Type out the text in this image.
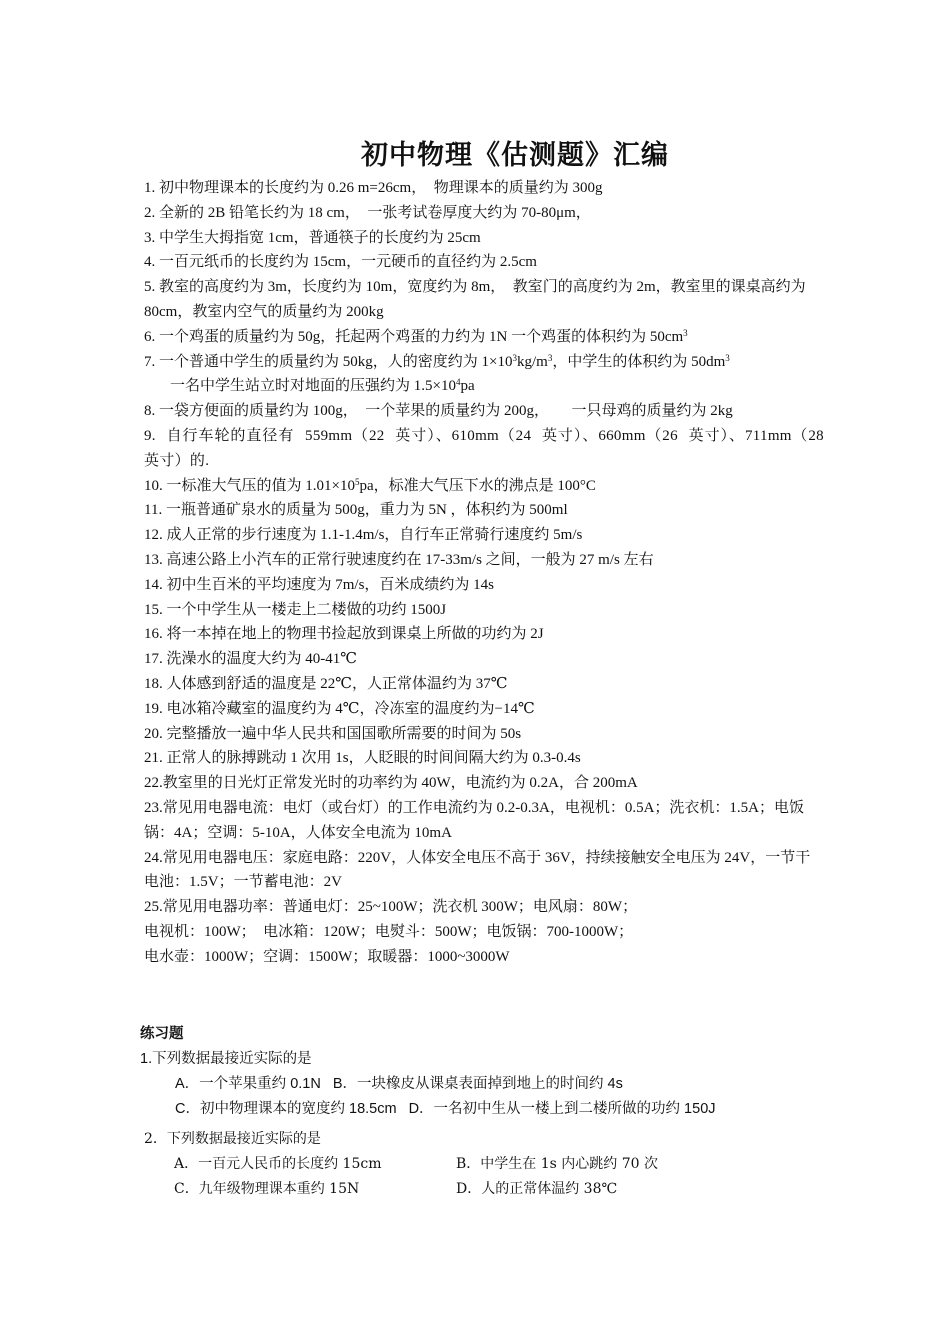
初中物理《估测题》汇编

1. 初中物理课本的长度约为 0.26 m=26cm，　物理课本的质量约为 300g

2. 全新的 2B 铅笔长约为 18 cm，　一张考试卷厚度大约为 70-80μm，

3. 中学生大拇指宽 1cm，普通筷子的长度约为 25cm

4. 一百元纸币的长度约为 15cm，一元硬币的直径约为 2.5cm

5. 教室的高度约为 3m，长度约为 10m，宽度约为 8m，　教室门的高度约为 2m，教室里的课桌高约为 80cm，教室内空气的质量约为 200kg

6. 一个鸡蛋的质量约为 50g，托起两个鸡蛋的力约为 1N 一个鸡蛋的体积约为 $50cm^3$

7. 一个普通中学生的质量约为 50kg，人的密度约为 $1\times 10^3kg/m^3$，中学生的体积约为 $50dm^3$

一名中学生站立时对地面的压强约为 $1.5\times 10^4pa$

8. 一袋方便面的质量约为 100g，　一个苹果的质量约为 200g，　　一只母鸡的质量约为 2kg

9. 自行车轮的直径有 559mm（22 英寸）、610mm（24 英寸）、660mm（26 英寸）、711mm（28 英寸）的.

10. 一标准大气压的值为 $1.01\times 10^5pa$，标准大气压下水的沸点是 100°C

11. 一瓶普通矿泉水的质量为 500g，重力为 5N ，体积约为 500ml

12. 成人正常的步行速度为 1.1-1.4m/s，自行车正常骑行速度约 5m/s

13. 高速公路上小汽车的正常行驶速度约在 17-33m/s 之间，一般为 27 m/s 左右

14. 初中生百米的平均速度为 7m/s，百米成绩约为 14s

15. 一个中学生从一楼走上二楼做的功约 1500J

16. 将一本掉在地上的物理书捡起放到课桌上所做的功约为 2J

17. 洗澡水的温度大约为 40-41℃

18. 人体感到舒适的温度是 22℃，人正常体温约为 37℃

19. 电冰箱冷藏室的温度约为 4℃，冷冻室的温度约为−14℃

20. 完整播放一遍中华人民共和国国歌所需要的时间为 50s

21. 正常人的脉搏跳动 1 次用 1s，人眨眼的时间间隔大约为 0.3-0.4s

22.教室里的日光灯正常发光时的功率约为 40W，电流约为 0.2A，合 200mA

23.常见用电器电流：电灯（或台灯）的工作电流约为 0.2-0.3A，电视机：0.5A；洗衣机：1.5A；电饭锅：4A；空调：5-10A，人体安全电流为 10mA

24.常见用电器电压：家庭电路：220V，人体安全电压不高于 36V，持续接触安全电压为 24V，一节干电池：1.5V；一节蓄电池：2V

25.常见用电器功率：普通电灯：25~100W；洗衣机 300W；电风扇：80W；

电视机：100W；　电冰箱：120W；电熨斗：500W；电饭锅：700-1000W；

电水壶：1000W；空调：1500W；取暖器：1000~3000W

练习题

1.下列数据最接近实际的是

A．一个苹果重约 0.1N B．一块橡皮从课桌表面掉到地上的时间约 4s

C．初中物理课本的宽度约 18.5cm D．一名初中生从一楼上到二楼所做的功约 150J

2．下列数据最接近实际的是

A．一百元人民币的长度约 15cm	B．中学生在 1s 内心跳约 70 次

C．九年级物理课本重约 15N	D．人的正常体温约 38℃
